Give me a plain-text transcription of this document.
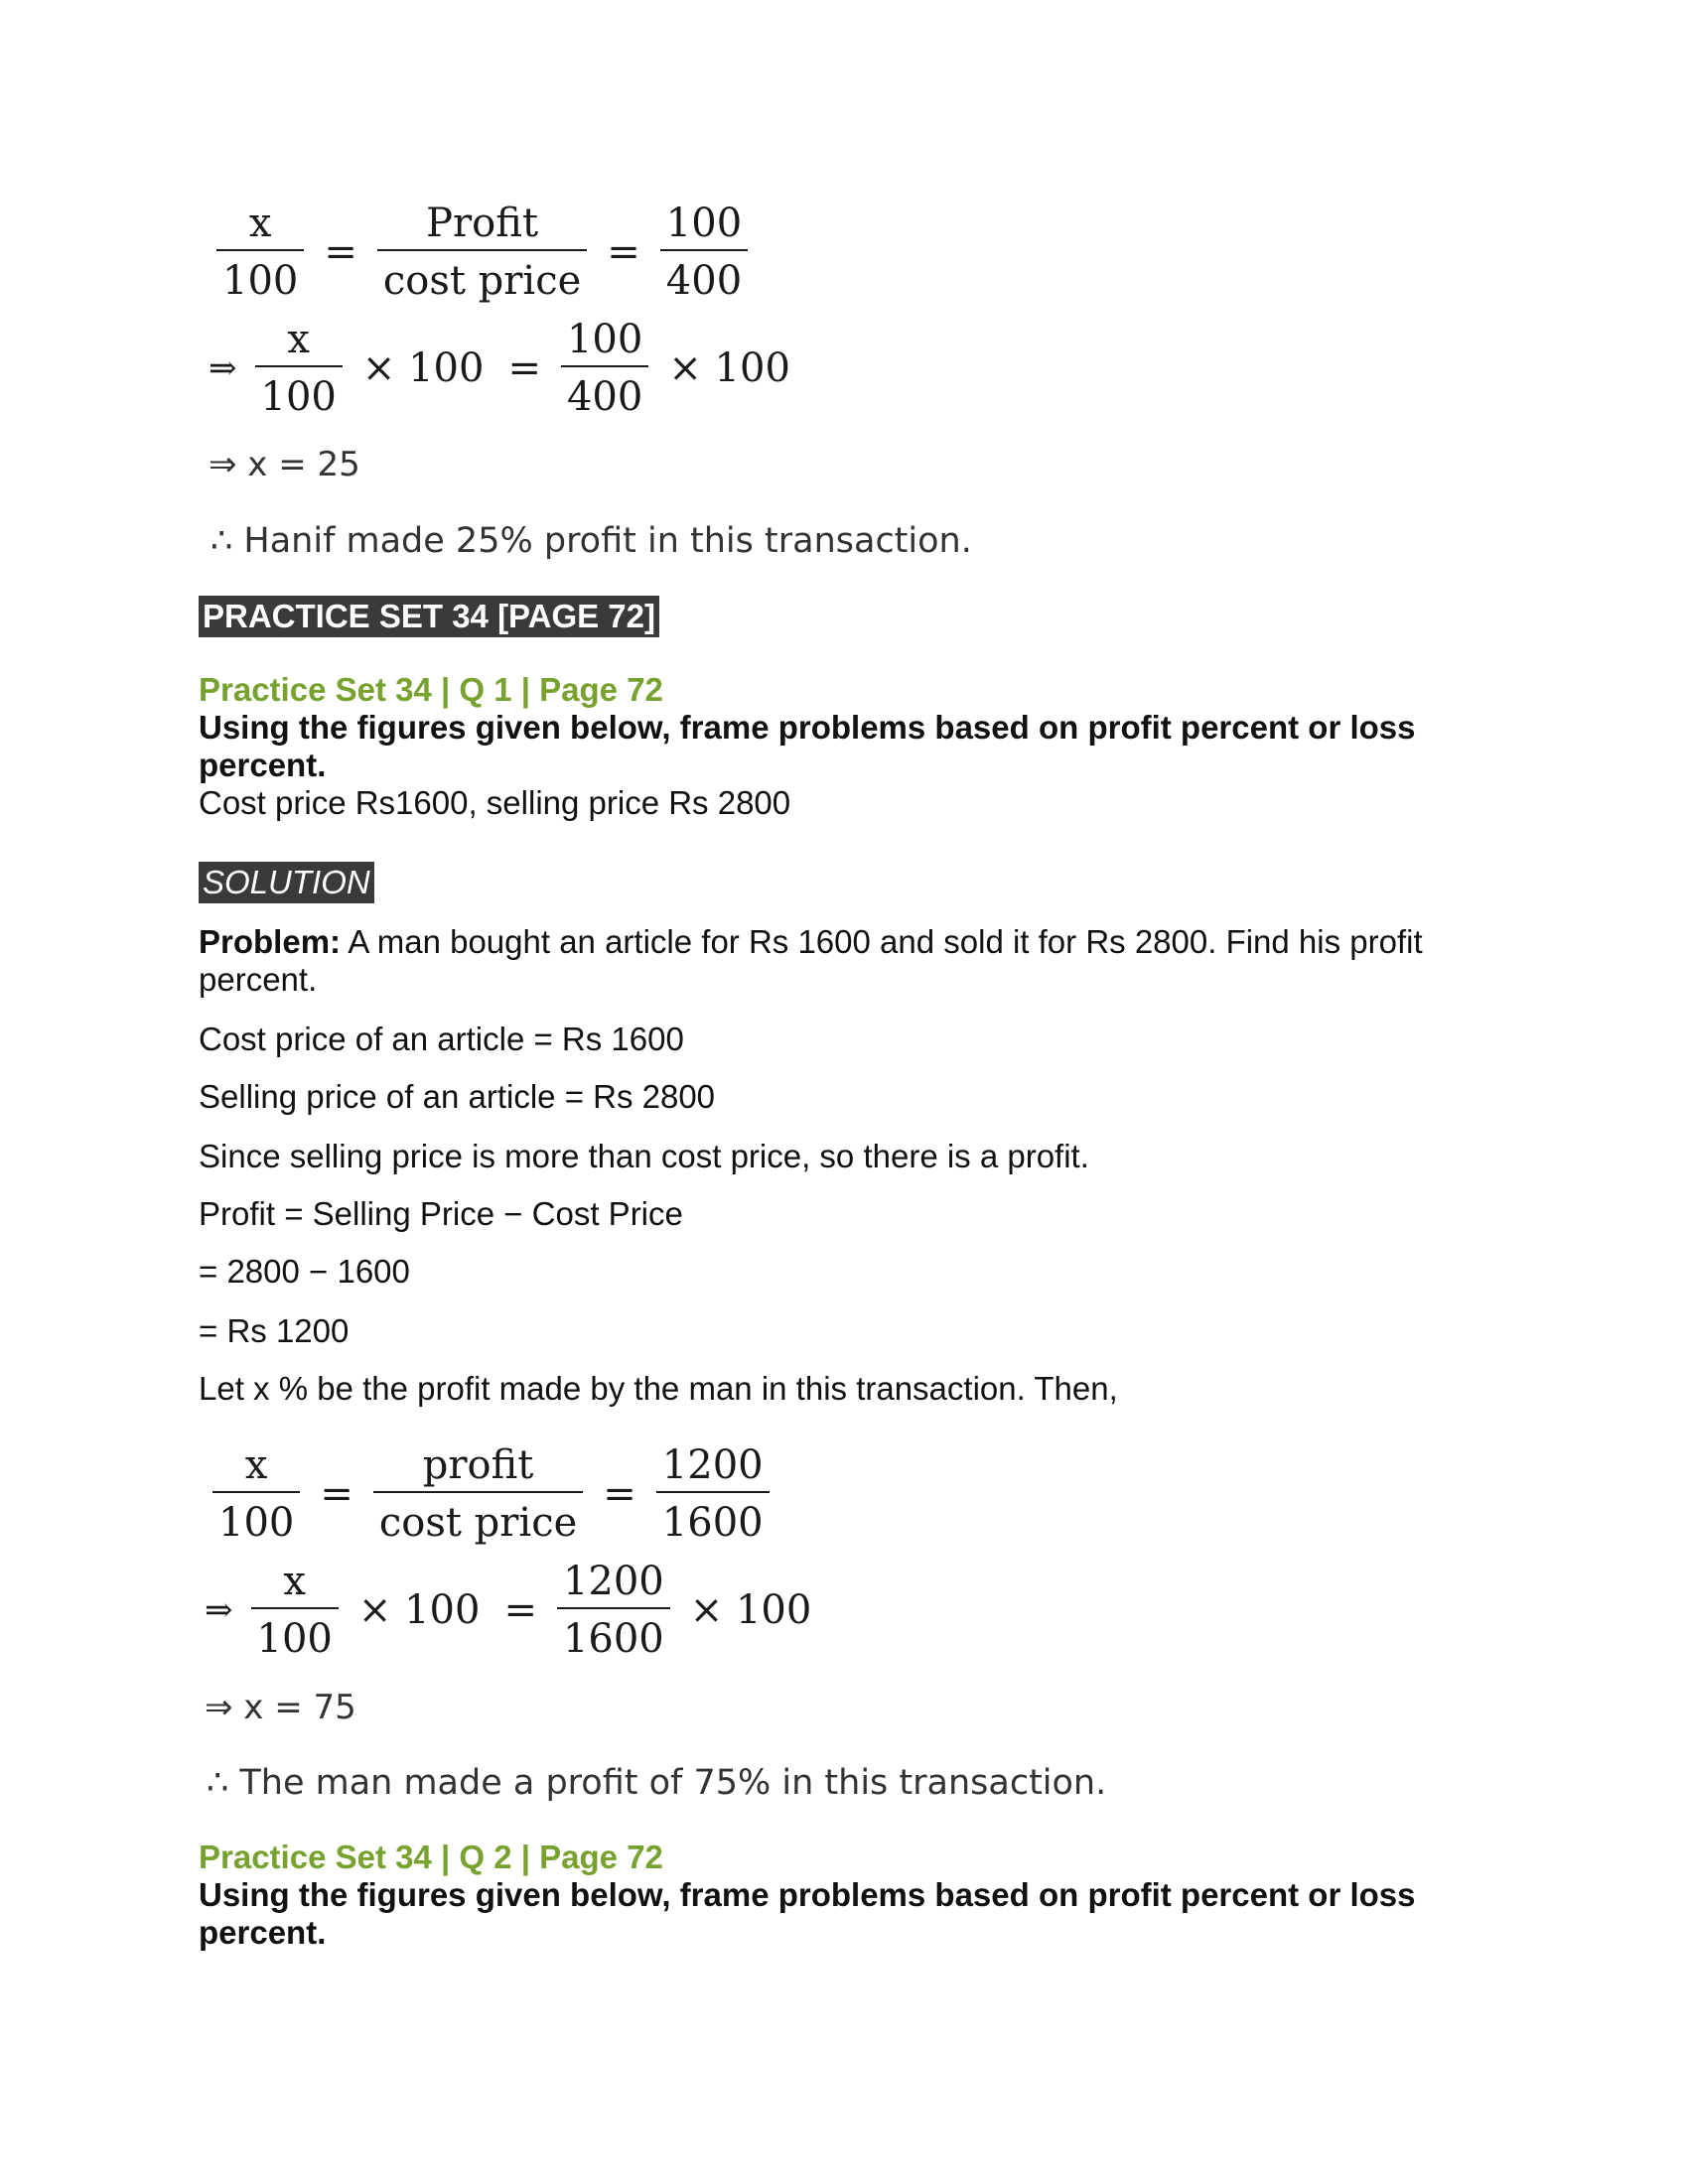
$\frac{x}{100} = \frac{\text{Profit}}{\text{cost price}} = \frac{100}{400}$
⇒ $\frac{x}{100} \times 100 = \frac{100}{400} \times 100$
⇒ x = 25
∴ Hanif made 25% profit in this transaction.
PRACTICE SET 34 [PAGE 72]
Practice Set 34 | Q 1 | Page 72
Using the figures given below, frame problems based on profit percent or loss percent.
Cost price Rs1600, selling price Rs 2800
SOLUTION
Problem: A man bought an article for Rs 1600 and sold it for Rs 2800. Find his profit percent.
Cost price of an article = Rs 1600
Selling price of an article = Rs 2800
Since selling price is more than cost price, so there is a profit.
Profit = Selling Price − Cost Price
= 2800 − 1600
= Rs 1200
Let x % be the profit made by the man in this transaction. Then,
$\frac{x}{100} = \frac{\text{profit}}{\text{cost price}} = \frac{1200}{1600}$
⇒ $\frac{x}{100} \times 100 = \frac{1200}{1600} \times 100$
⇒ x = 75
∴ The man made a profit of 75% in this transaction.
Practice Set 34 | Q 2 | Page 72
Using the figures given below, frame problems based on profit percent or loss percent.
